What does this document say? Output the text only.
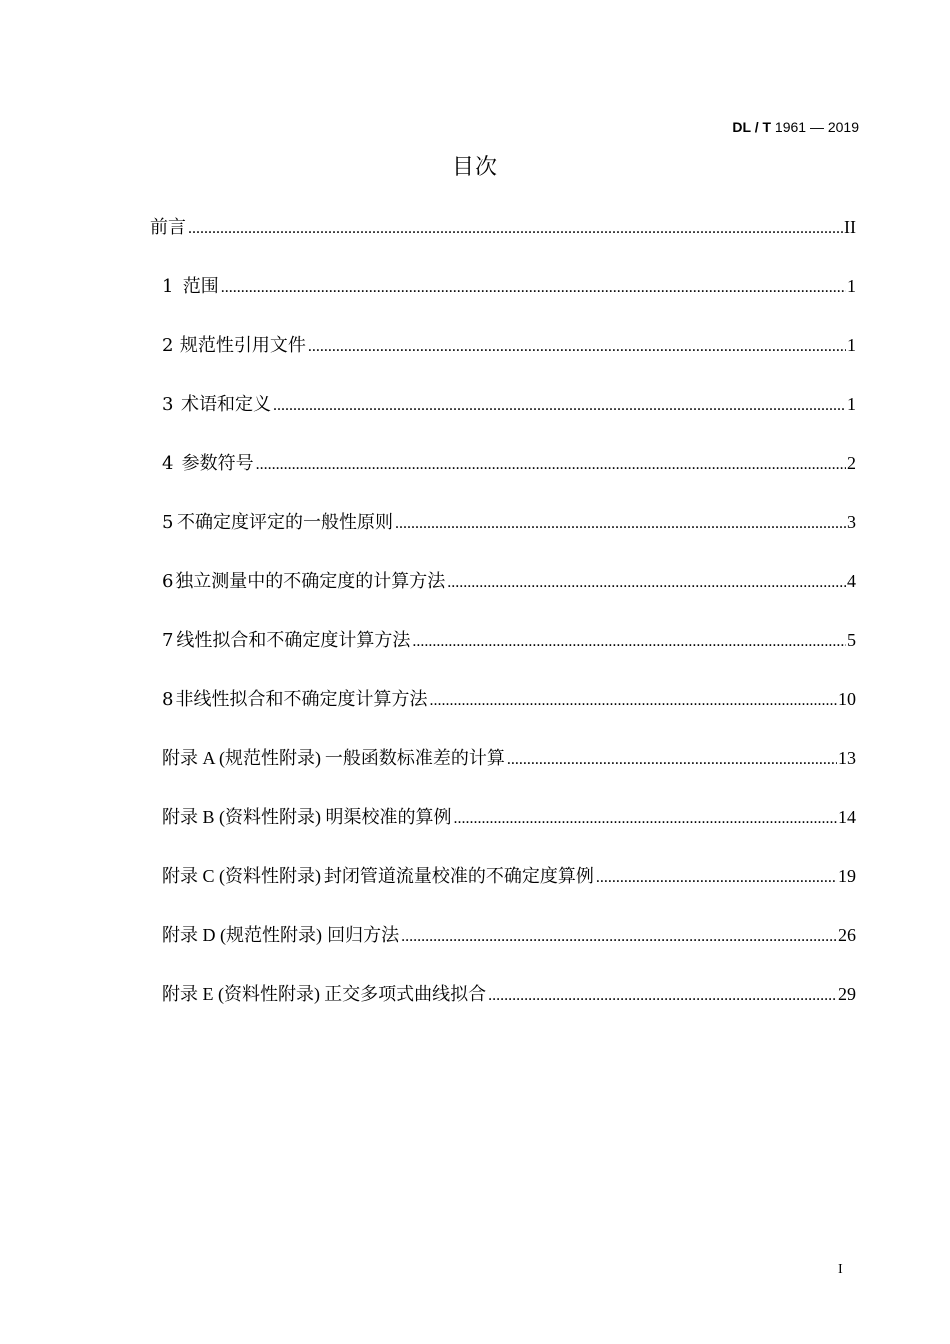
DL / T 1961 — 2019
目次
前言 .....	II
1 范围 .....	1
2 规范性引用文件 .....	1
3 术语和定义 .....	1
4 参数符号 .....	2
5 不确定度评定的一般性原则 .....	3
6 独立测量中的不确定度的计算方法 .....	4
7 线性拟合和不确定度计算方法 .....	5
8 非线性拟合和不确定度计算方法 .....	10
附录 A (规范性附录) 一般函数标准差的计算 .....	13
附录 B (资料性附录) 明渠校准的算例 .....	14
附录 C (资料性附录) 封闭管道流量校准的不确定度算例 .....	19
附录 D (规范性附录) 回归方法 .....	26
附录 E (资料性附录) 正交多项式曲线拟合 .....	29
I
